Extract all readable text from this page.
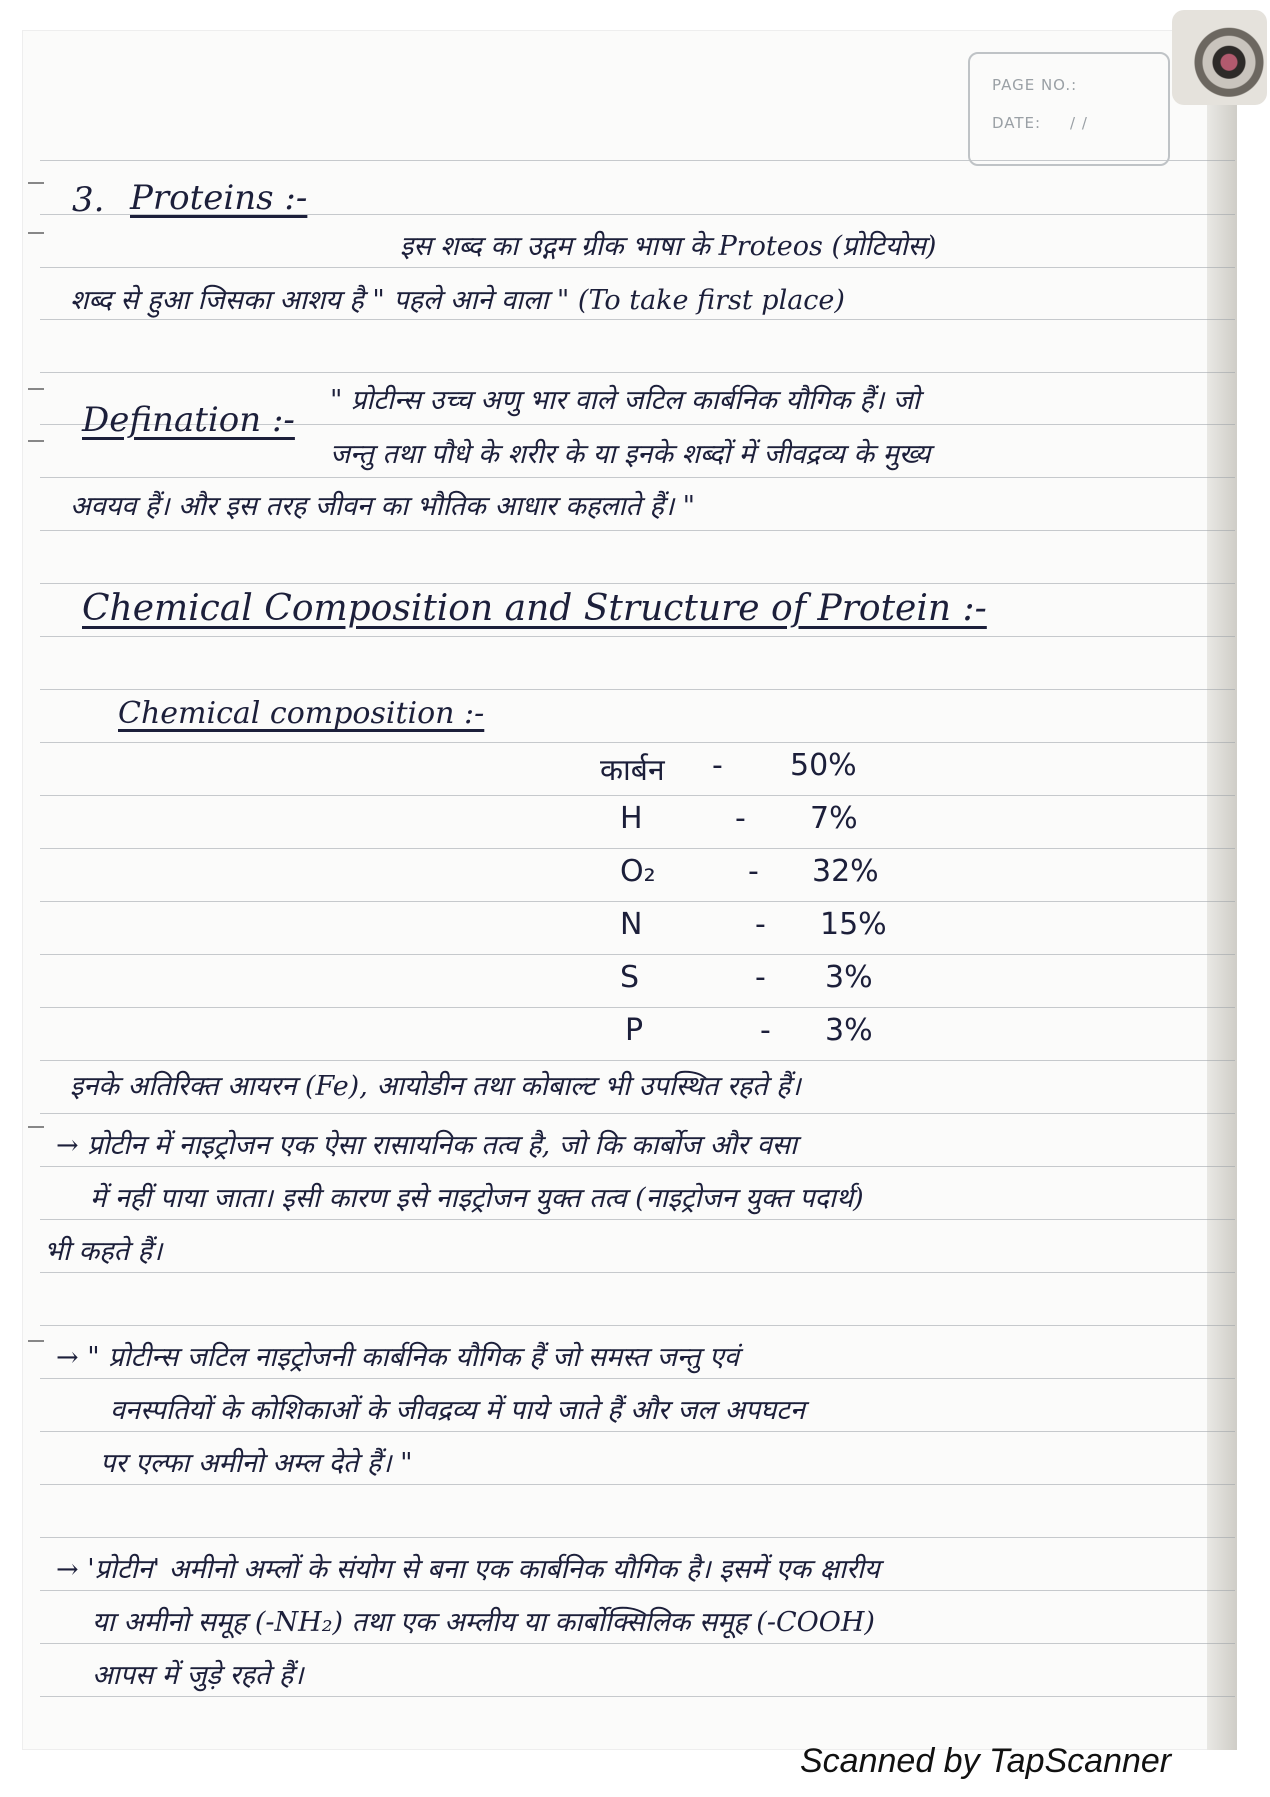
PAGE NO.:
DATE: / /
3. Proteins :-
इस शब्द का उद्गम ग्रीक भाषा के Proteos (प्रोटियोस)
शब्द से हुआ जिसका आशय है " पहले आने वाला " (To take first place)
" प्रोटीन्स उच्च अणु भार वाले जटिल कार्बनिक यौगिक हैं। जो
Defination :-
जन्तु तथा पौधे के शरीर के या इनके शब्दों में जीवद्रव्य के मुख्य
अवयव हैं। और इस तरह जीवन का भौतिक आधार कहलाते हैं। "
Chemical Composition and Structure of Protein :-
Chemical composition :-
कार्बन - 50%
H	- 7%
O₂	- 32%
N	- 15%
S	- 3%
P	- 3%
इनके अतिरिक्त आयरन (Fe), आयोडीन तथा कोबाल्ट भी उपस्थित रहते हैं।
→ प्रोटीन में नाइट्रोजन एक ऐसा रासायनिक तत्व है, जो कि कार्बोज और वसा
में नहीं पाया जाता। इसी कारण इसे नाइट्रोजन युक्त तत्व (नाइट्रोजन युक्त पदार्थ)
भी कहते हैं।
→ " प्रोटीन्स जटिल नाइट्रोजनी कार्बनिक यौगिक हैं जो समस्त जन्तु एवं
वनस्पतियों के कोशिकाओं के जीवद्रव्य में पाये जाते हैं और जल अपघटन
पर एल्फा अमीनो अम्ल देते हैं। "
→ 'प्रोटीन' अमीनो अम्लों के संयोग से बना एक कार्बनिक यौगिक है। इसमें एक क्षारीय
या अमीनो समूह (-NH₂) तथा एक अम्लीय या कार्बोक्सिलिक समूह (-COOH)
आपस में जुड़े रहते हैं।
Scanned by TapScanner
